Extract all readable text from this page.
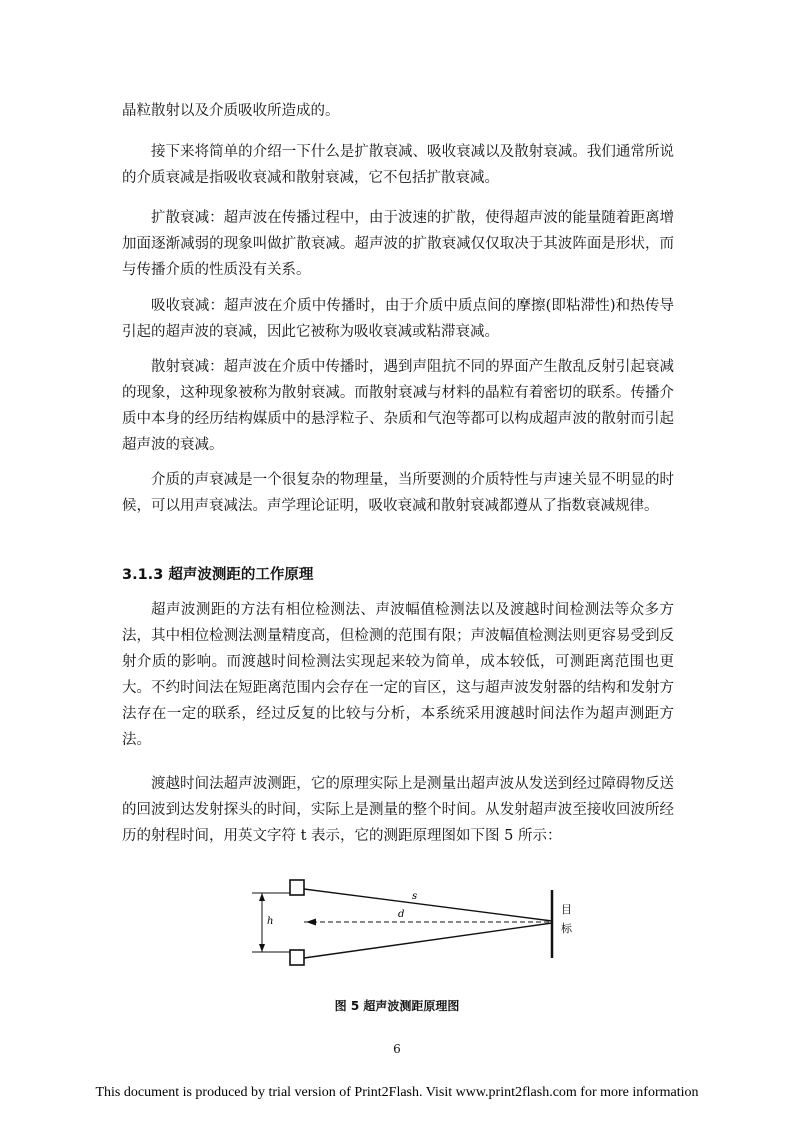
晶粒散射以及介质吸收所造成的。

接下来将简单的介绍一下什么是扩散衰减、吸收衰减以及散射衰减。我们通常所说的介质衰减是指吸收衰减和散射衰减，它不包括扩散衰减。

扩散衰减：超声波在传播过程中，由于波速的扩散，使得超声波的能量随着距离增加面逐渐减弱的现象叫做扩散衰减。超声波的扩散衰减仅仅取决于其波阵面是形状，而与传播介质的性质没有关系。

吸收衰减：超声波在介质中传播时，由于介质中质点间的摩擦(即粘滞性)和热传导引起的超声波的衰减，因此它被称为吸收衰减或粘滞衰减。

散射衰减：超声波在介质中传播时，遇到声阻抗不同的界面产生散乱反射引起衰减的现象，这种现象被称为散射衰减。而散射衰减与材料的晶粒有着密切的联系。传播介质中本身的经历结构媒质中的悬浮粒子、杂质和气泡等都可以构成超声波的散射而引起超声波的衰减。

介质的声衰减是一个很复杂的物理量，当所要测的介质特性与声速关显不明显的时候，可以用声衰减法。声学理论证明，吸收衰减和散射衰减都遵从了指数衰减规律。

3.1.3 超声波测距的工作原理

超声波测距的方法有相位检测法、声波幅值检测法以及渡越时间检测法等众多方法，其中相位检测法测量精度高，但检测的范围有限；声波幅值检测法则更容易受到反射介质的影响。而渡越时间检测法实现起来较为简单，成本较低，可测距离范围也更大。不约时间法在短距离范围内会存在一定的盲区，这与超声波发射器的结构和发射方法存在一定的联系，经过反复的比较与分析，本系统采用渡越时间法作为超声测距方法。

渡越时间法超声波测距，它的原理实际上是测量出超声波从发送到经过障碍物反送的回波到达发射探头的时间，实际上是测量的整个时间。从发射超声波至接收回波所经历的射程时间，用英文字符 t 表示，它的测距原理图如下图 5 所示：

h
s
d	目
标
图 5 超声波测距原理图
6
This document is produced by trial version of Print2Flash. Visit www.print2flash.com for more information
